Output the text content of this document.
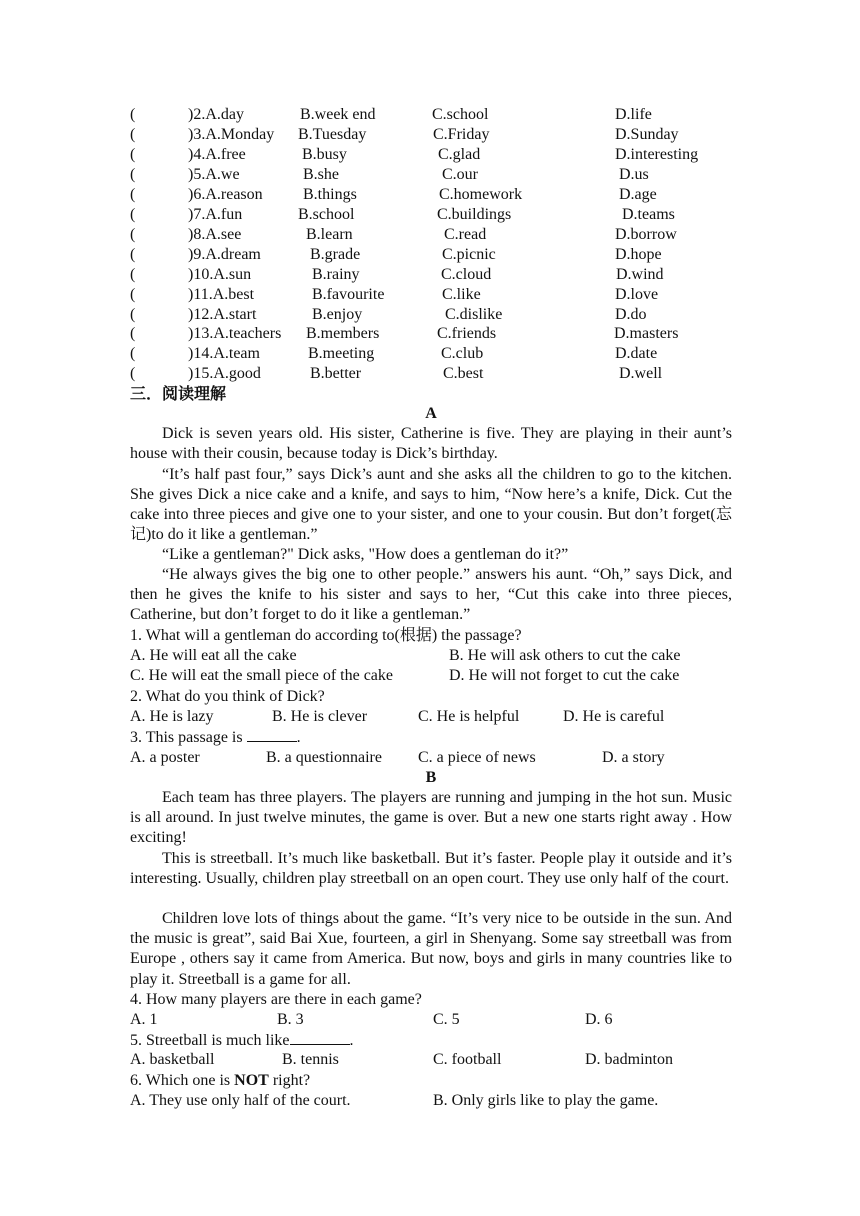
(	)2.A.day	B.week end	C.school	D.life
(	)3.A.Monday B.Tuesday	C.Friday	D.Sunday
(	)4.A.free	B.busy	C.glad	D.interesting
(	)5.A.we	B.she	C.our	D.us
(	)6.A.reason	B.things	C.homework	D.age
(	)7.A.fun	B.school	C.buildings	D.teams
(	)8.A.see	B.learn	C.read	D.borrow
(	)9.A.dream	B.grade	C.picnic	D.hope
(	)10.A.sun	B.rainy	C.cloud	D.wind
(	)11.A.best	B.favourite	C.like	D.love
(	)12.A.start	B.enjoy	C.dislike	D.do
(	)13.A.teachers B.members	C.friends	D.masters
(	)14.A.team	B.meeting	C.club	D.date
(	)15.A.good	B.better	C.best	D.well
三．阅读理解
A

Dick is seven years old. His sister, Catherine is five. They are playing in their aunt’s house with their cousin, because today is Dick’s birthday.

“It’s half past four,” says Dick’s aunt and she asks all the children to go to the kitchen. She gives Dick a nice cake and a knife, and says to him, “Now here’s a knife, Dick. Cut the cake into three pieces and give one to your sister, and one to your cousin. But don’t forget(忘记)to do it like a gentleman.”

“Like a gentleman?" Dick asks, "How does a gentleman do it?”

“He always gives the big one to other people.” answers his aunt. “Oh,” says Dick, and then he gives the knife to his sister and says to her, “Cut this cake into three pieces, Catherine, but don’t forget to do it like a gentleman.”

1. What will a gentleman do according to(根据) the passage?
A. He will eat all the cake	B. He will ask others to cut the cake
C. He will eat the small piece of the cake	D. He will not forget to cut the cake
2. What do you think of Dick?
A. He is lazy	B. He is clever	C. He is helpful	D. He is careful
3. This passage is	.
A. a poster	B. a questionnaire C. a piece of news	D. a story
B

Each team has three players. The players are running and jumping in the hot sun. Music is all around. In just twelve minutes, the game is over. But a new one starts right away . How exciting!

This is streetball. It’s much like basketball. But it’s faster. People play it outside and it’s interesting. Usually, children play streetball on an open court. They use only half of the court.

Children love lots of things about the game. “It’s very nice to be outside in the sun. And the music is great”, said Bai Xue, fourteen, a girl in Shenyang. Some say streetball was from Europe , others say it came from America. But now, boys and girls in many countries like to play it. Streetball is a game for all.

4. How many players are there in each game?
A. 1	B. 3	C. 5	D. 6
5. Streetball is much like	.
A. basketball	B. tennis	C. football	D. badminton
6. Which one is NOT right?
A. They use only half of the court.	B. Only girls like to play the game.
